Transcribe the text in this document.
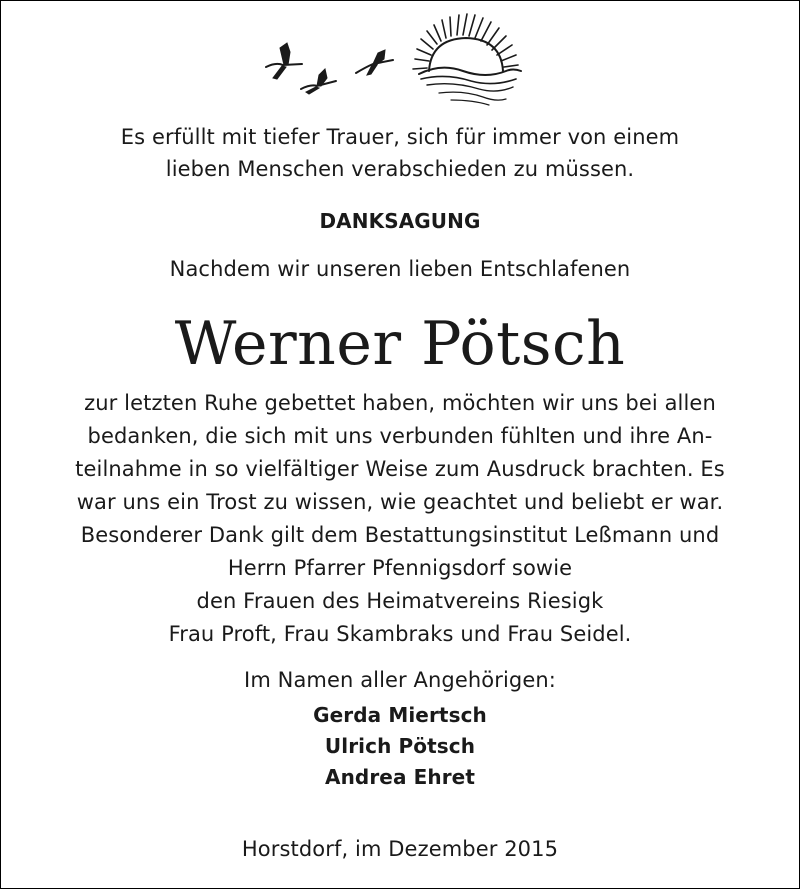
Es erfüllt mit tiefer Trauer, sich für immer von einem
lieben Menschen verabschieden zu müssen.
DANKSAGUNG
Nachdem wir unseren lieben Entschlafenen
Werner Pötsch
zur letzten Ruhe gebettet haben, möchten wir uns bei allen
bedanken, die sich mit uns verbunden fühlten und ihre An-
teilnahme in so vielfältiger Weise zum Ausdruck brachten. Es
war uns ein Trost zu wissen, wie geachtet und beliebt er war.
Besonderer Dank gilt dem Bestattungsinstitut Leßmann und
Herrn Pfarrer Pfennigsdorf sowie
den Frauen des Heimatvereins Riesigk
Frau Proft, Frau Skambraks und Frau Seidel.
Im Namen aller Angehörigen:
Gerda Miertsch
Ulrich Pötsch
Andrea Ehret
Horstdorf, im Dezember 2015
